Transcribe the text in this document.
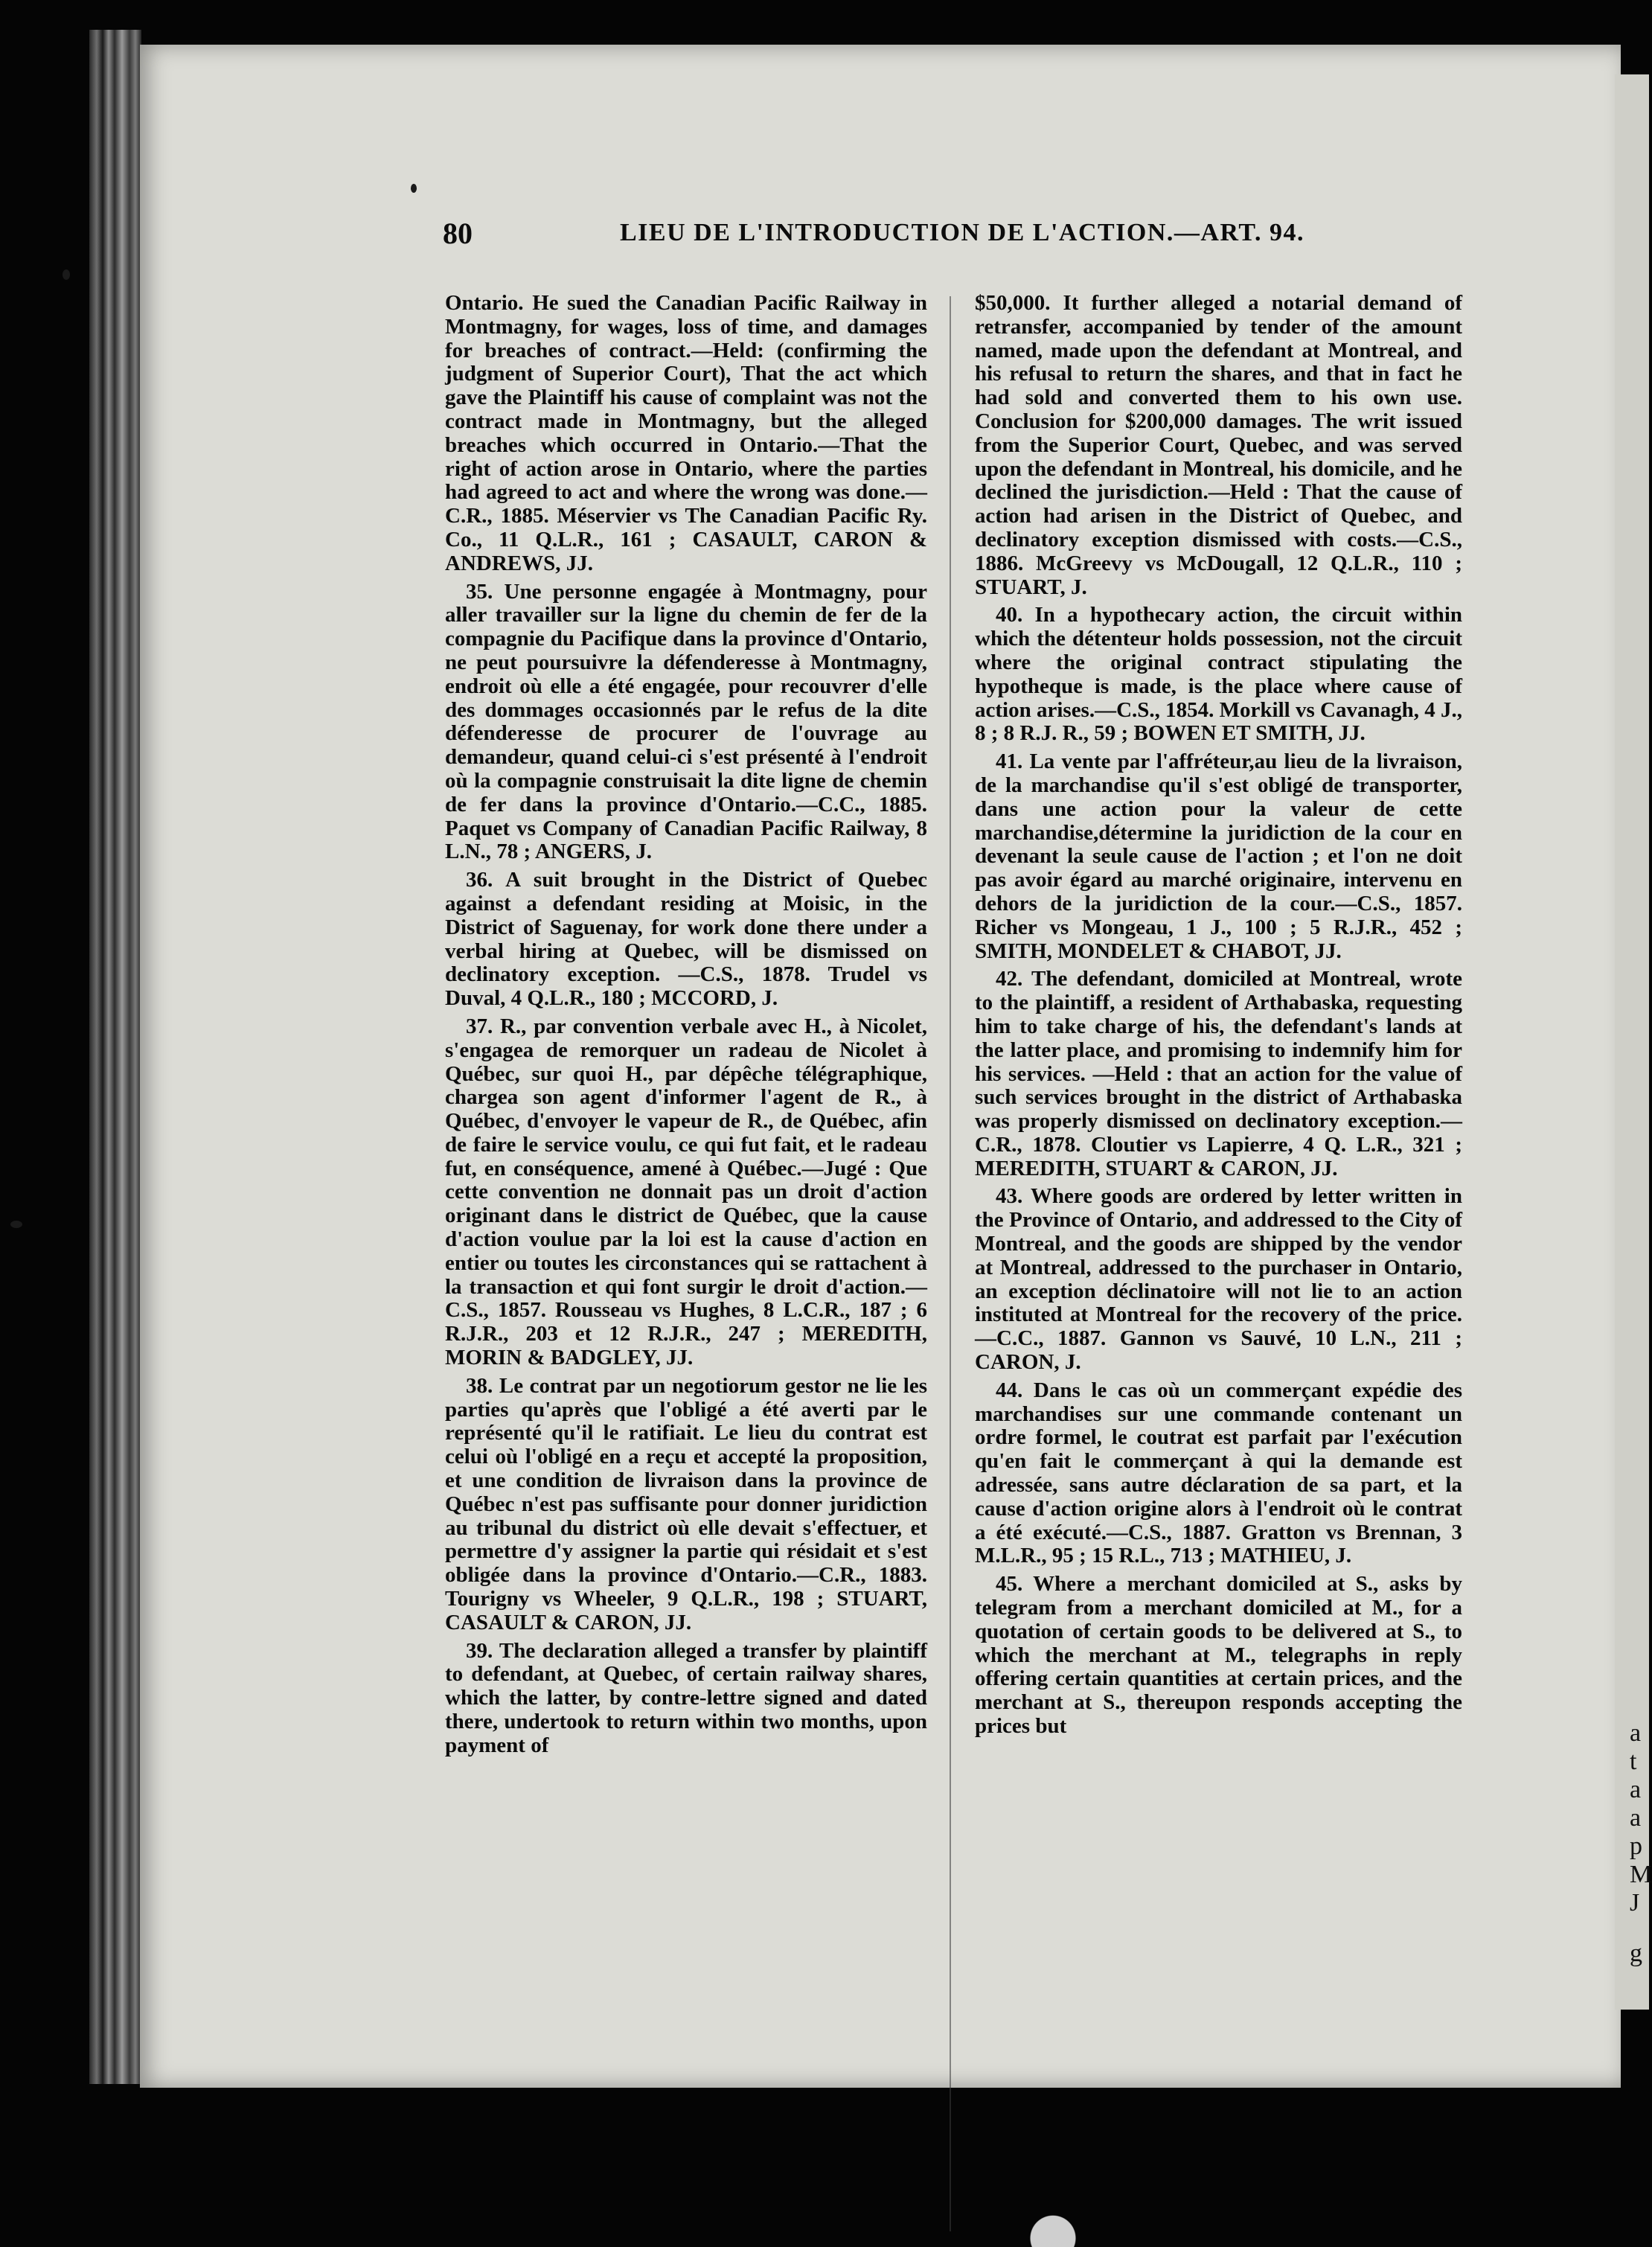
80	LIEU DE L'INTRODUCTION DE L'ACTION.—ART. 94.

Ontario. He sued the Canadian Pacific Railway in Montmagny, for wages, loss of time, and damages for breaches of contract.—Held: (confirming the judgment of Superior Court), That the act which gave the Plaintiff his cause of complaint was not the contract made in Montmagny, but the alleged breaches which occurred in Ontario.—That the right of action arose in Ontario, where the parties had agreed to act and where the wrong was done.—C.R., 1885. Méservier vs The Canadian Pacific Ry. Co., 11 Q.L.R., 161 ; CASAULT, CARON & ANDREWS, JJ.

35. Une personne engagée à Montmagny, pour aller travailler sur la ligne du chemin de fer de la compagnie du Pacifique dans la province d'Ontario, ne peut poursuivre la défenderesse à Montmagny, endroit où elle a été engagée, pour recouvrer d'elle des dommages occasionnés par le refus de la dite défenderesse de procurer de l'ouvrage au demandeur, quand celui-ci s'est présenté à l'endroit où la compagnie construisait la dite ligne de chemin de fer dans la province d'Ontario.—C.C., 1885. Paquet vs Company of Canadian Pacific Railway, 8 L.N., 78 ; ANGERS, J.

36. A suit brought in the District of Quebec against a defendant residing at Moisic, in the District of Saguenay, for work done there under a verbal hiring at Quebec, will be dismissed on declinatory exception. —C.S., 1878. Trudel vs Duval, 4 Q.L.R., 180 ; MCCORD, J.

37. R., par convention verbale avec H., à Nicolet, s'engagea de remorquer un radeau de Nicolet à Québec, sur quoi H., par dépêche télégraphique, chargea son agent d'informer l'agent de R., à Québec, d'envoyer le vapeur de R., de Québec, afin de faire le service voulu, ce qui fut fait, et le radeau fut, en conséquence, amené à Québec.—Jugé : Que cette convention ne donnait pas un droit d'action originant dans le district de Québec, que la cause d'action voulue par la loi est la cause d'action en entier ou toutes les circonstances qui se rattachent à la transaction et qui font surgir le droit d'action.— C.S., 1857. Rousseau vs Hughes, 8 L.C.R., 187 ; 6 R.J.R., 203 et 12 R.J.R., 247 ; MEREDITH, MORIN & BADGLEY, JJ.

38. Le contrat par un negotiorum gestor ne lie les parties qu'après que l'obligé a été averti par le représenté qu'il le ratifiait. Le lieu du contrat est celui où l'obligé en a reçu et accepté la proposition, et une condition de livraison dans la province de Québec n'est pas suffisante pour donner juridiction au tribunal du district où elle devait s'effectuer, et permettre d'y assigner la partie qui résidait et s'est obligée dans la province d'Ontario.—C.R., 1883. Tourigny vs Wheeler, 9 Q.L.R., 198 ; STUART, CASAULT & CARON, JJ.

39. The declaration alleged a transfer by plaintiff to defendant, at Quebec, of certain railway shares, which the latter, by contre-lettre signed and dated there, undertook to return within two months, upon payment of

$50,000. It further alleged a notarial demand of retransfer, accompanied by tender of the amount named, made upon the defendant at Montreal, and his refusal to return the shares, and that in fact he had sold and converted them to his own use. Conclusion for $200,000 damages. The writ issued from the Superior Court, Quebec, and was served upon the defendant in Montreal, his domicile, and he declined the jurisdiction.—Held : That the cause of action had arisen in the District of Quebec, and declinatory exception dismissed with costs.—C.S., 1886. McGreevy vs McDougall, 12 Q.L.R., 110 ; STUART, J.

40. In a hypothecary action, the circuit within which the détenteur holds possession, not the circuit where the original contract stipulating the hypotheque is made, is the place where cause of action arises.—C.S., 1854. Morkill vs Cavanagh, 4 J., 8 ; 8 R.J. R., 59 ; BOWEN ET SMITH, JJ.

41. La vente par l'affréteur,au lieu de la livraison, de la marchandise qu'il s'est obligé de transporter, dans une action pour la valeur de cette marchandise,détermine la juridiction de la cour en devenant la seule cause de l'action ; et l'on ne doit pas avoir égard au marché originaire, intervenu en dehors de la juridiction de la cour.—C.S., 1857. Richer vs Mongeau, 1 J., 100 ; 5 R.J.R., 452 ; SMITH, MONDELET & CHABOT, JJ.

42. The defendant, domiciled at Montreal, wrote to the plaintiff, a resident of Arthabaska, requesting him to take charge of his, the defendant's lands at the latter place, and promising to indemnify him for his services. —Held : that an action for the value of such services brought in the district of Arthabaska was properly dismissed on declinatory exception.—C.R., 1878. Cloutier vs Lapierre, 4 Q. L.R., 321 ; MEREDITH, STUART & CARON, JJ.

43. Where goods are ordered by letter written in the Province of Ontario, and addressed to the City of Montreal, and the goods are shipped by the vendor at Montreal, addressed to the purchaser in Ontario, an exception déclinatoire will not lie to an action instituted at Montreal for the recovery of the price.—C.C., 1887. Gannon vs Sauvé, 10 L.N., 211 ; CARON, J.

44. Dans le cas où un commerçant expédie des marchandises sur une commande contenant un ordre formel, le coutrat est parfait par l'exécution qu'en fait le commerçant à qui la demande est adressée, sans autre déclaration de sa part, et la cause d'action origine alors à l'endroit où le contrat a été exécuté.—C.S., 1887. Gratton vs Brennan, 3 M.L.R., 95 ; 15 R.L., 713 ; MATHIEU, J.

45. Where a merchant domiciled at S., asks by telegram from a merchant domiciled at M., for a quotation of certain goods to be delivered at S., to which the merchant at M., telegraphs in reply offering certain quantities at certain prices, and the merchant at S., thereupon responds accepting the prices but	a
t
a
a
p
M
J
g
